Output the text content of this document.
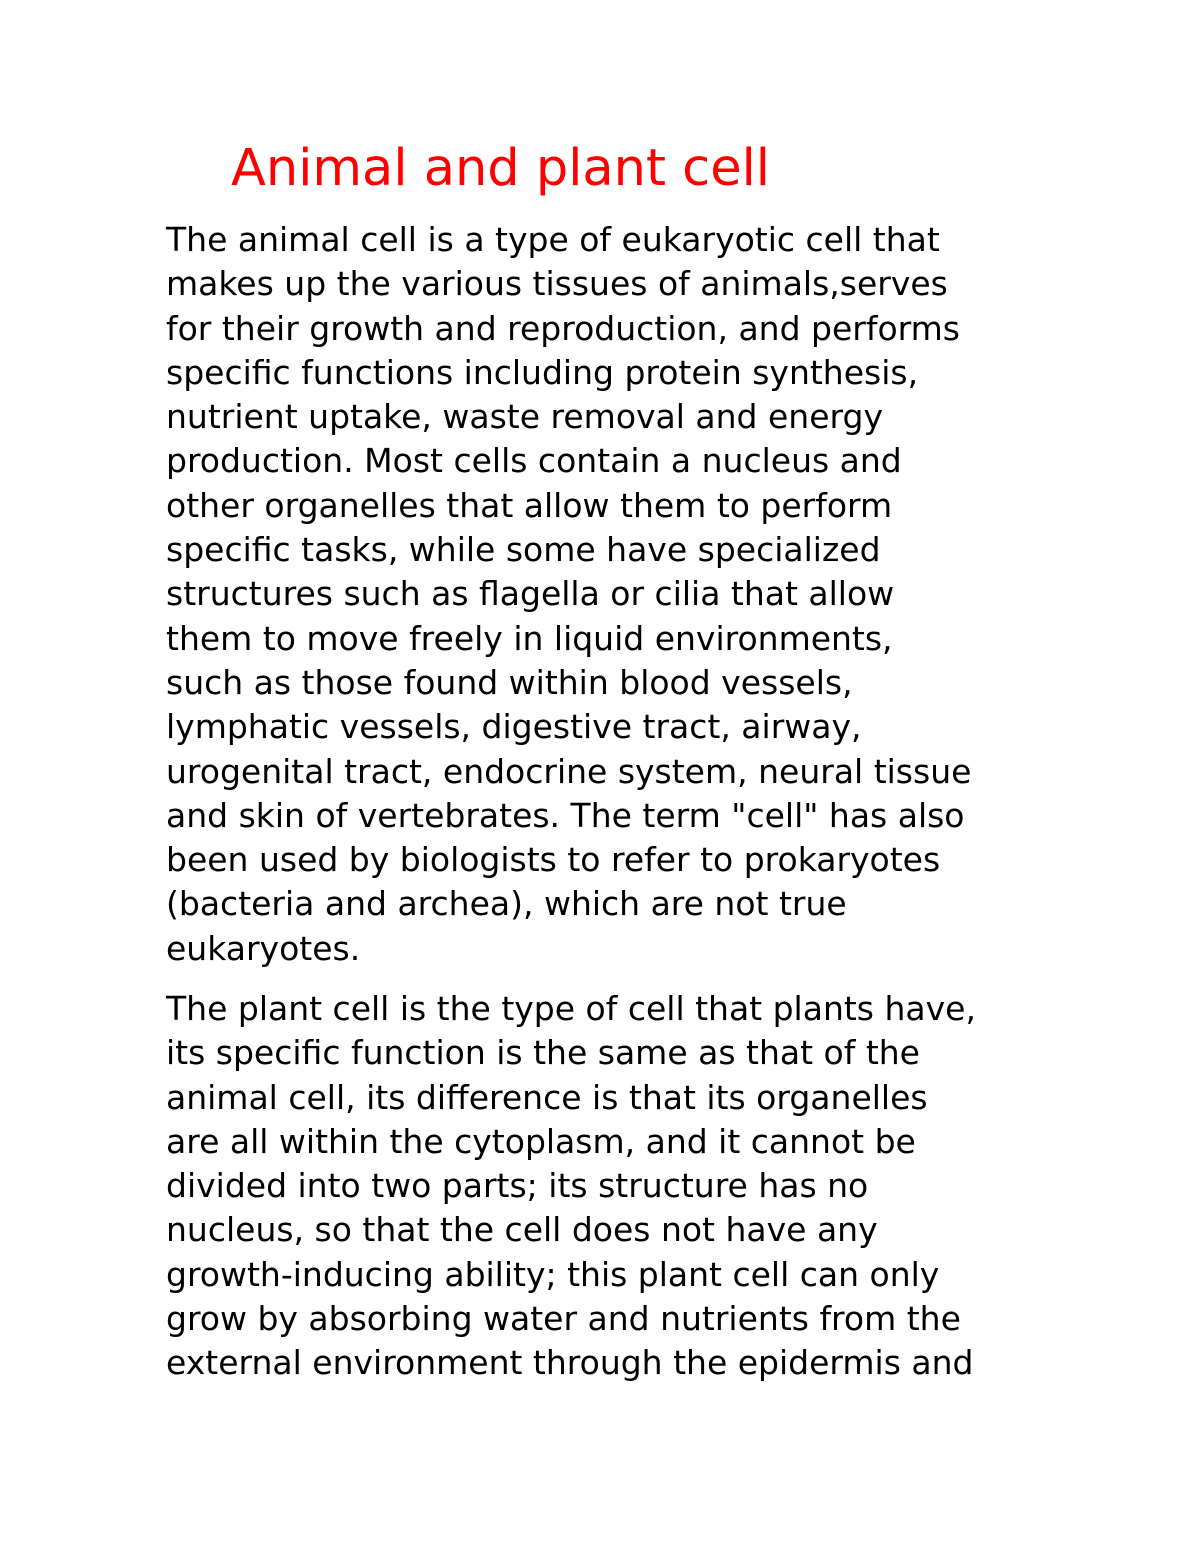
Animal and plant cell
The animal cell is a type of eukaryotic cell that
makes up the various tissues of animals,serves
for their growth and reproduction, and performs
specific functions including protein synthesis,
nutrient uptake, waste removal and energy
production. Most cells contain a nucleus and
other organelles that allow them to perform
specific tasks, while some have specialized
structures such as flagella or cilia that allow
them to move freely in liquid environments,
such as those found within blood vessels,
lymphatic vessels, digestive tract, airway,
urogenital tract, endocrine system, neural tissue
and skin of vertebrates. The term "cell" has also
been used by biologists to refer to prokaryotes
(bacteria and archea), which are not true
eukaryotes.
The plant cell is the type of cell that plants have,
its specific function is the same as that of the
animal cell, its difference is that its organelles
are all within the cytoplasm, and it cannot be
divided into two parts; its structure has no
nucleus, so that the cell does not have any
growth-inducing ability; this plant cell can only
grow by absorbing water and nutrients from the
external environment through the epidermis and
